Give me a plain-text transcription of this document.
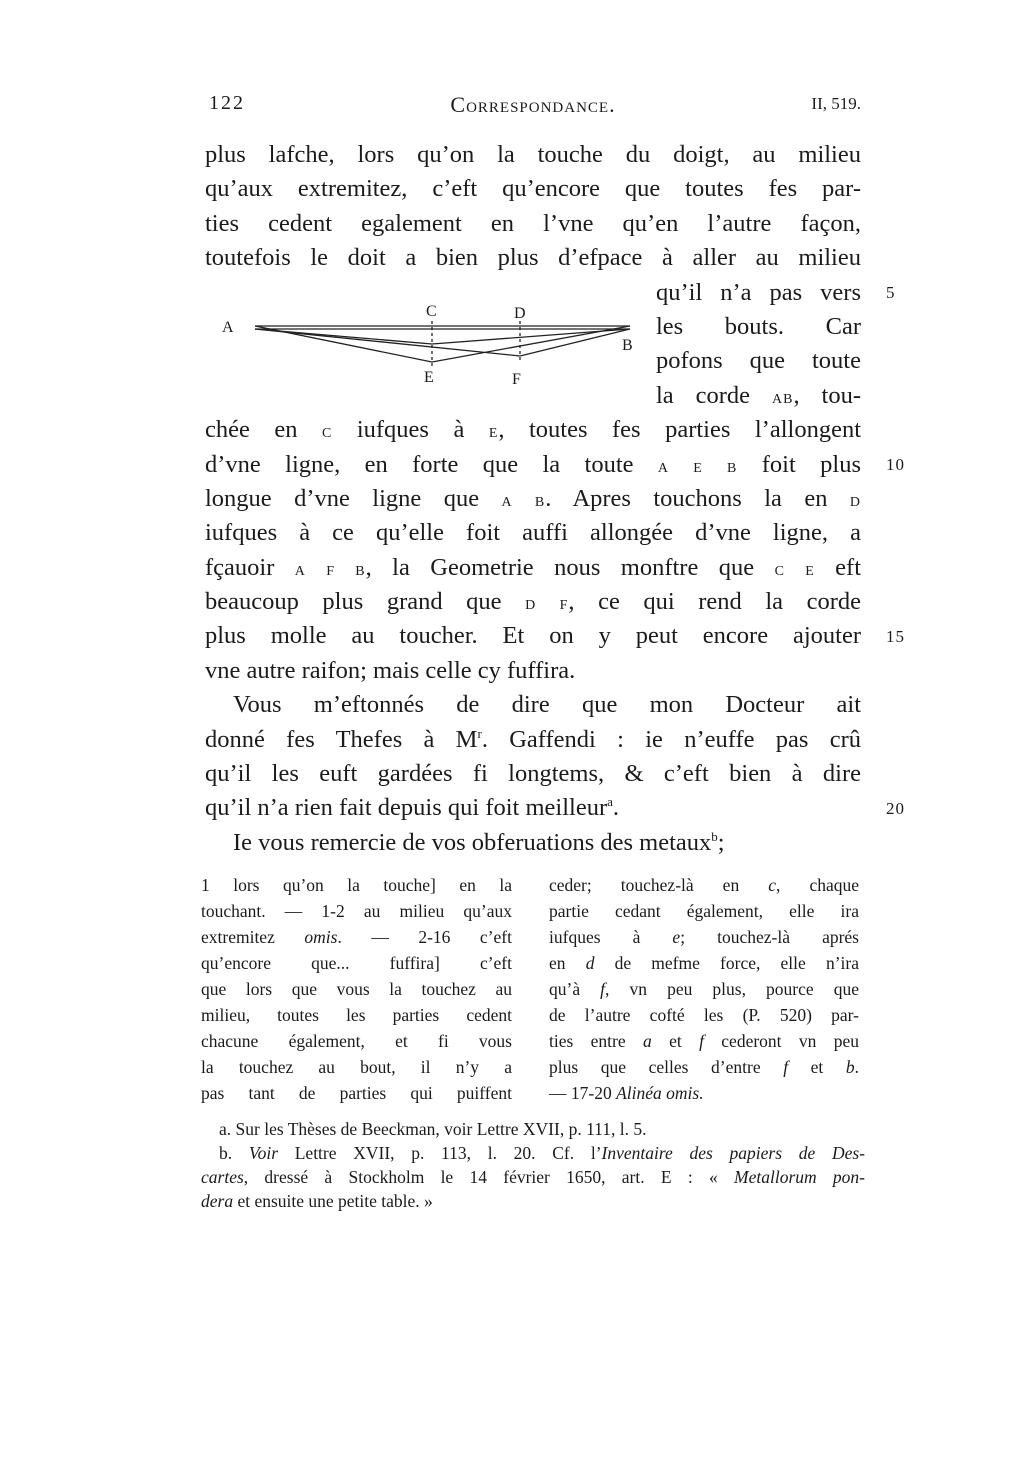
122	Correspondance.	II, 519.
plus lafche, lors qu’on la touche du doigt, au milieu
qu’aux extremitez, c’eft qu’encore que toutes fes par-
ties cedent egalement en l’vne qu’en l’autre façon,
toutefois le doit a bien plus d’efpace à aller au milieu
qu’il n’a pas vers
les bouts. Car
pofons que toute
la corde ab, tou-
chée en c iufques à e, toutes fes parties l’allongent
d’vne ligne, en forte que la toute a e b foit plus
longue d’vne ligne que a b. Apres touchons la en d
iufques à ce qu’elle foit auffi allongée d’vne ligne, a
fçauoir a f b, la Geometrie nous monftre que c e eft
beaucoup plus grand que d f, ce qui rend la corde
plus molle au toucher. Et on y peut encore ajouter
vne autre raifon; mais celle cy fuffira.
Vous m’eftonnés de dire que mon Docteur ait
donné fes Thefes à $M^r$. Gaffendi : ie n’euffe pas crû
qu’il les euft gardées fi longtems, & c’eft bien à dire
qu’il n’a rien fait depuis qui foit meilleur$^a$.
Ie vous remercie de vos obferuations des metaux$^b$;
A
B
C	D
E	F
5
10
15
20
1 lors qu’on la touche] en la
touchant. — 1-2 au milieu qu’aux
extremitez omis. — 2-16 c’eft
qu’encore que... fuffira] c’eft
que lors que vous la touchez au
milieu, toutes les parties cedent
chacune également, et fi vous
la touchez au bout, il n’y a
pas tant de parties qui puiffent
ceder; touchez-là en c, chaque
partie cedant également, elle ira
iufques à e; touchez-là aprés
en d de mefme force, elle n’ira
qu’à f, vn peu plus, pource que
de l’autre cofté les (P. 520) par-
ties entre a et f cederont vn peu
plus que celles d’entre f et b.
— 17-20 Alinéa omis.
a. Sur les Thèses de Beeckman, voir Lettre XVII, p. 111, l. 5.
b. Voir Lettre XVII, p. 113, l. 20. Cf. l’Inventaire des papiers de Des-
cartes, dressé à Stockholm le 14 février 1650, art. E : « Metallorum pon-
dera et ensuite une petite table. »
